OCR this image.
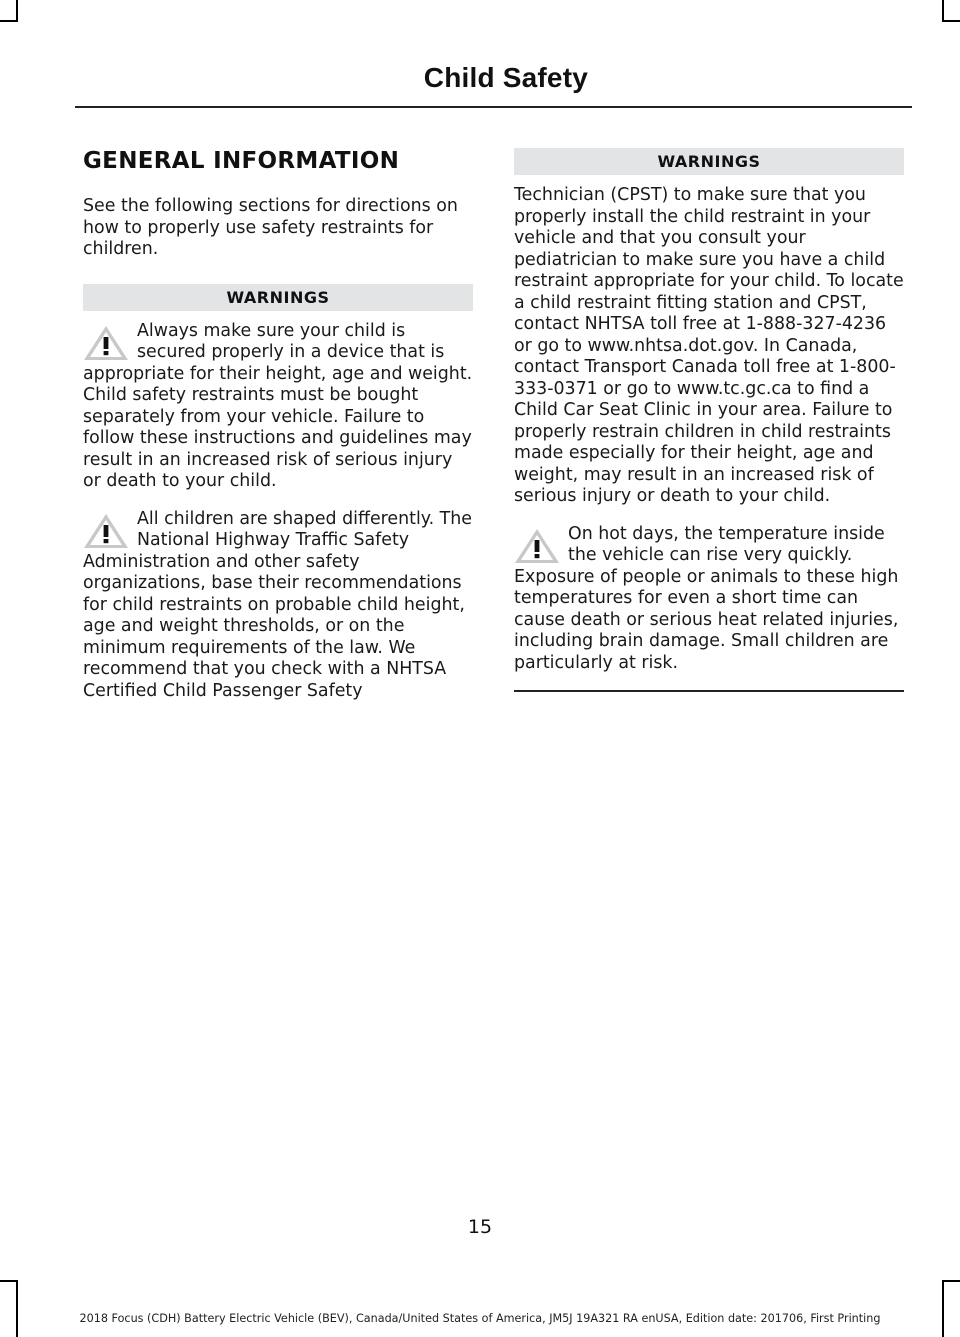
Child Safety
GENERAL INFORMATION

See the following sections for directions on how to properly use safety restraints for children.

WARNINGS
Always make sure your child is secured properly in a device that is appropriate for their height, age and weight. Child safety restraints must be bought separately from your vehicle. Failure to follow these instructions and guidelines may result in an increased risk of serious injury or death to your child.
All children are shaped differently. The National Highway Traffic Safety Administration and other safety organizations, base their recommendations for child restraints on probable child height, age and weight thresholds, or on the minimum requirements of the law. We recommend that you check with a NHTSA Certified Child Passenger Safety
WARNINGS

Technician (CPST) to make sure that you properly install the child restraint in your vehicle and that you consult your pediatrician to make sure you have a child restraint appropriate for your child. To locate a child restraint fitting station and CPST, contact NHTSA toll free at 1-888-327-4236 or go to www.nhtsa.dot.gov. In Canada, contact Transport Canada toll free at 1-800-333-0371 or go to www.tc.gc.ca to find a Child Car Seat Clinic in your area. Failure to properly restrain children in child restraints made especially for their height, age and weight, may result in an increased risk of serious injury or death to your child.

On hot days, the temperature inside the vehicle can rise very quickly. Exposure of people or animals to these high temperatures for even a short time can cause death or serious heat related injuries, including brain damage. Small children are particularly at risk.
15
2018 Focus (CDH) Battery Electric Vehicle (BEV), Canada/United States of America, JM5J 19A321 RA enUSA, Edition date: 201706, First Printing
